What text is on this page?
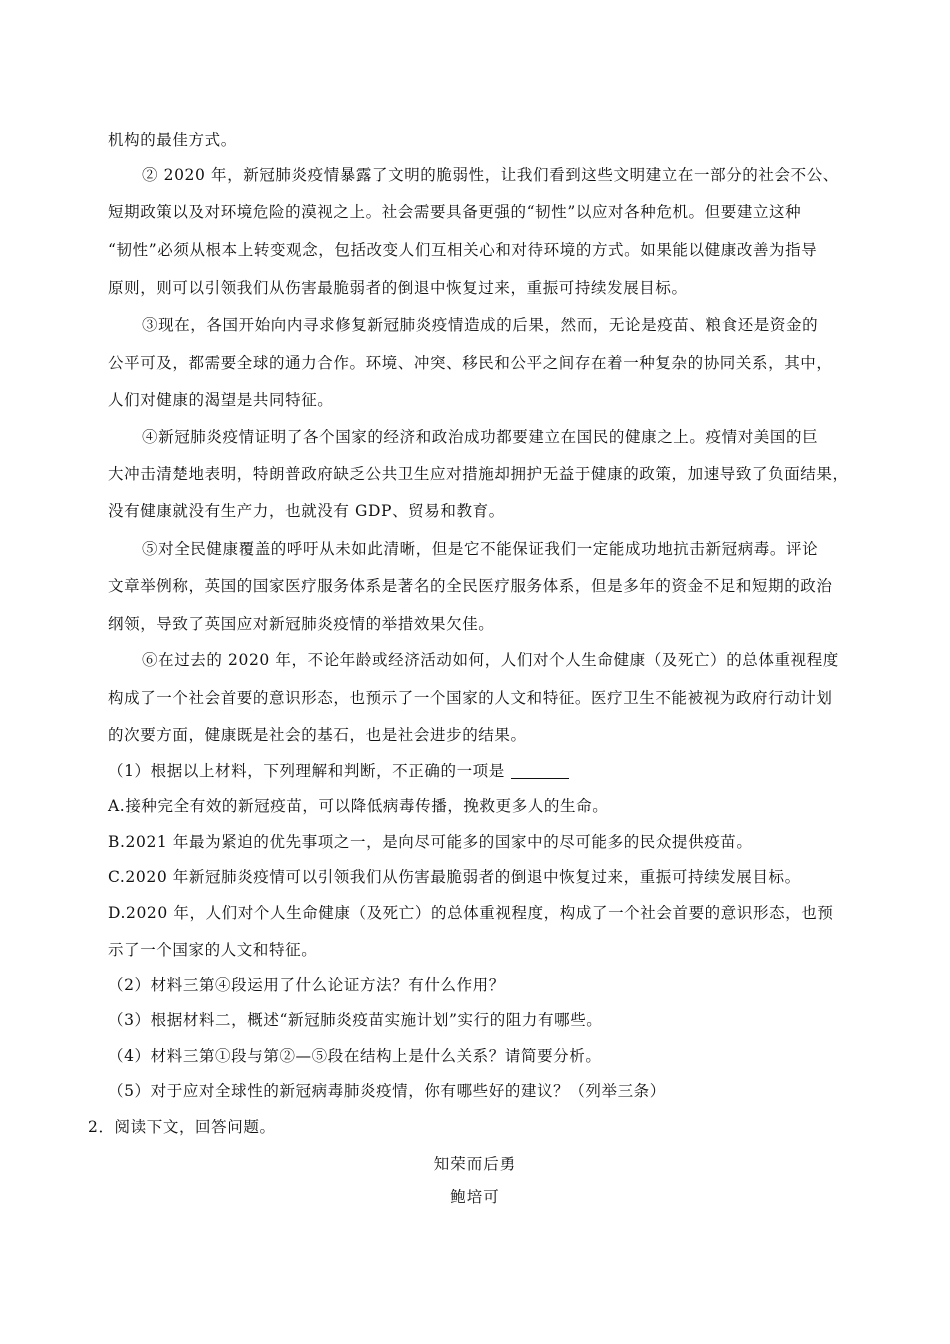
机构的最佳方式。
② 2020 年，新冠肺炎疫情暴露了文明的脆弱性，让我们看到这些文明建立在一部分的社会不公、
短期政策以及对环境危险的漠视之上。社会需要具备更强的“韧性”以应对各种危机。但要建立这种
“韧性”必须从根本上转变观念，包括改变人们互相关心和对待环境的方式。如果能以健康改善为指导
原则，则可以引领我们从伤害最脆弱者的倒退中恢复过来，重振可持续发展目标。
③现在，各国开始向内寻求修复新冠肺炎疫情造成的后果，然而，无论是疫苗、粮食还是资金的
公平可及，都需要全球的通力合作。环境、冲突、移民和公平之间存在着一种复杂的协同关系，其中，
人们对健康的渴望是共同特征。
④新冠肺炎疫情证明了各个国家的经济和政治成功都要建立在国民的健康之上。疫情对美国的巨
大冲击清楚地表明，特朗普政府缺乏公共卫生应对措施却拥护无益于健康的政策，加速导致了负面结果，
没有健康就没有生产力，也就没有 GDP、贸易和教育。
⑤对全民健康覆盖的呼吁从未如此清晰，但是它不能保证我们一定能成功地抗击新冠病毒。评论
文章举例称，英国的国家医疗服务体系是著名的全民医疗服务体系，但是多年的资金不足和短期的政治
纲领，导致了英国应对新冠肺炎疫情的举措效果欠佳。
⑥在过去的 2020 年，不论年龄或经济活动如何，人们对个人生命健康（及死亡）的总体重视程度
构成了一个社会首要的意识形态，也预示了一个国家的人文和特征。医疗卫生不能被视为政府行动计划
的次要方面，健康既是社会的基石，也是社会进步的结果。
（1）根据以上材料，下列理解和判断，不正确的一项是
A.接种完全有效的新冠疫苗，可以降低病毒传播，挽救更多人的生命。
B.2021 年最为紧迫的优先事项之一，是向尽可能多的国家中的尽可能多的民众提供疫苗。
C.2020 年新冠肺炎疫情可以引领我们从伤害最脆弱者的倒退中恢复过来，重振可持续发展目标。
D.2020 年，人们对个人生命健康（及死亡）的总体重视程度，构成了一个社会首要的意识形态，也预
示了一个国家的人文和特征。
（2）材料三第④段运用了什么论证方法？有什么作用？
（3）根据材料二，概述“新冠肺炎疫苗实施计划”实行的阻力有哪些。
（4）材料三第①段与第②—⑤段在结构上是什么关系？请简要分析。
（5）对于应对全球性的新冠病毒肺炎疫情，你有哪些好的建议？（列举三条）
2．阅读下文，回答问题。
知荣而后勇
鲍培可
